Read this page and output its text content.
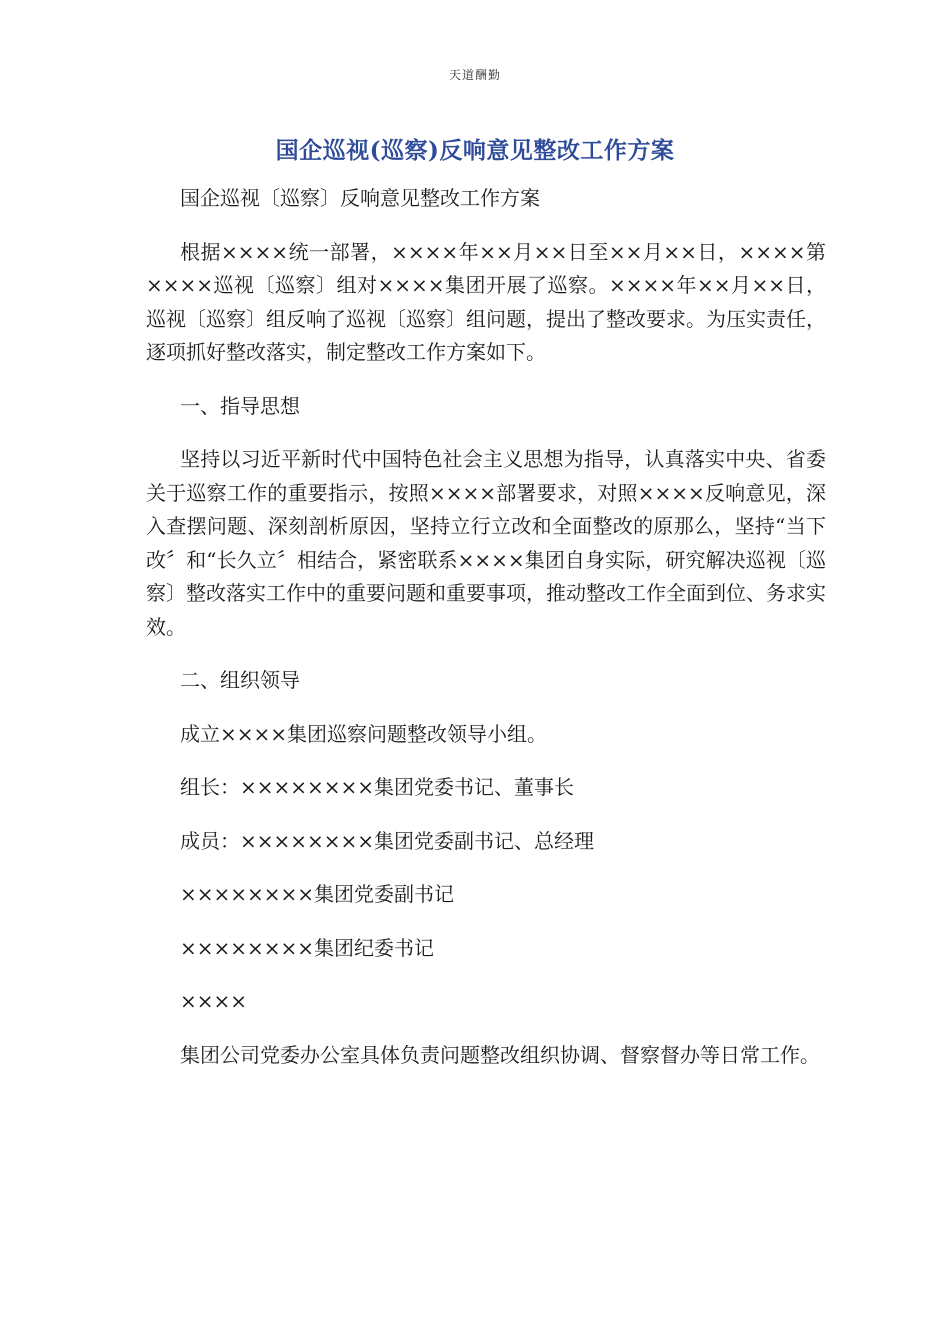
天道酬勤
国企巡视(巡察)反响意见整改工作方案

国企巡视〔巡察〕反响意见整改工作方案

根据××××统一部署，××××年××月××日至××月××日，××××第××××巡视〔巡察〕组对××××集团开展了巡察。××××年××月××日，巡视〔巡察〕组反响了巡视〔巡察〕组问题，提出了整改要求。为压实责任，逐项抓好整改落实，制定整改工作方案如下。

一、指导思想

坚持以习近平新时代中国特色社会主义思想为指导，认真落实中央、省委关于巡察工作的重要指示，按照××××部署要求，对照××××反响意见，深入查摆问题、深刻剖析原因，坚持立行立改和全面整改的原那么，坚持“当下改〞和“长久立〞相结合，紧密联系××××集团自身实际，研究解决巡视〔巡察〕整改落实工作中的重要问题和重要事项，推动整改工作全面到位、务求实效。

二、组织领导

成立××××集团巡察问题整改领导小组。

组长：××××××××集团党委书记、董事长

成员：××××××××集团党委副书记、总经理

××××××××集团党委副书记

××××××××集团纪委书记

××××

集团公司党委办公室具体负责问题整改组织协调、督察督办等日常工作。
